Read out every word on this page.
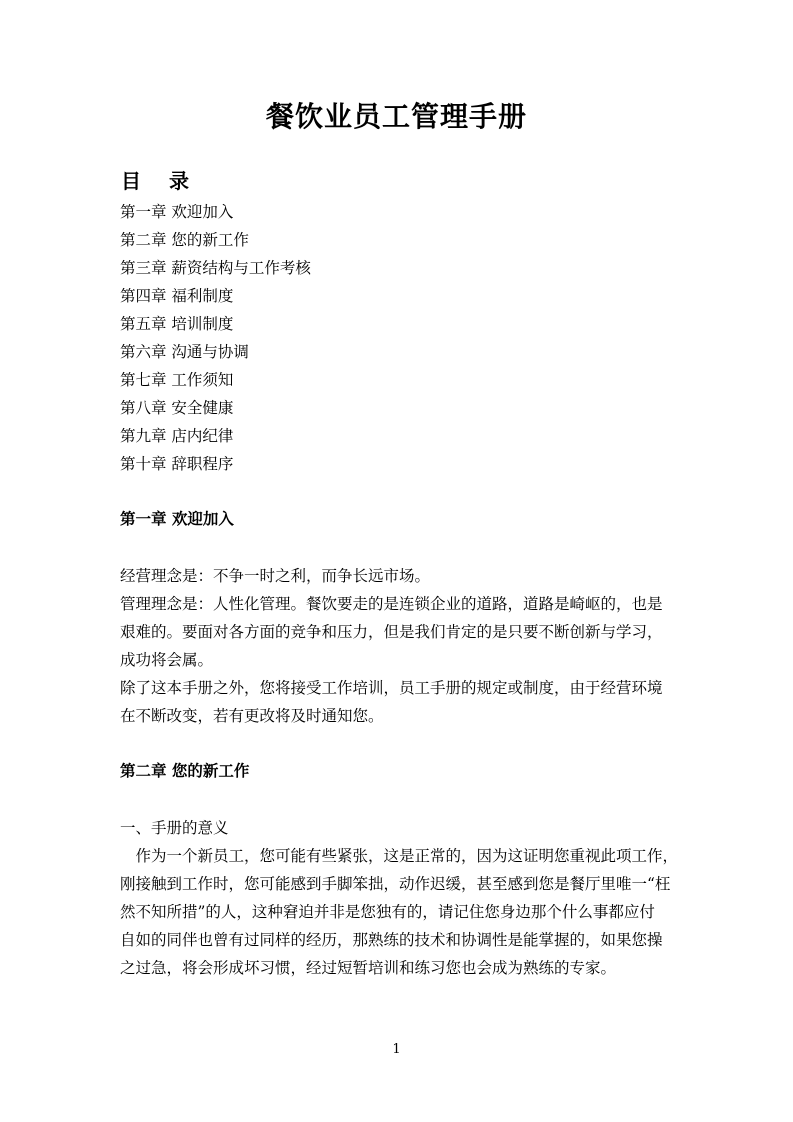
餐饮业员工管理手册
目 录
第一章 欢迎加入
第二章 您的新工作
第三章 薪资结构与工作考核
第四章 福利制度
第五章 培训制度
第六章 沟通与协调
第七章 工作须知
第八章 安全健康
第九章 店内纪律
第十章 辞职程序
第一章 欢迎加入
经营理念是：不争一时之利，而争长远市场。
管理理念是：人性化管理。餐饮要走的是连锁企业的道路，道路是崎岖的，也是
艰难的。要面对各方面的竞争和压力，但是我们肯定的是只要不断创新与学习，
成功将会属。
除了这本手册之外，您将接受工作培训，员工手册的规定或制度，由于经营环境
在不断改变，若有更改将及时通知您。
第二章 您的新工作
一、手册的意义
　作为一个新员工，您可能有些紧张，这是正常的，因为这证明您重视此项工作，
刚接触到工作时，您可能感到手脚笨拙，动作迟缓，甚至感到您是餐厅里唯一“枉
然不知所措”的人，这种窘迫并非是您独有的，请记住您身边那个什么事都应付
自如的同伴也曾有过同样的经历，那熟练的技术和协调性是能掌握的，如果您操
之过急，将会形成坏习惯，经过短暂培训和练习您也会成为熟练的专家。
1
